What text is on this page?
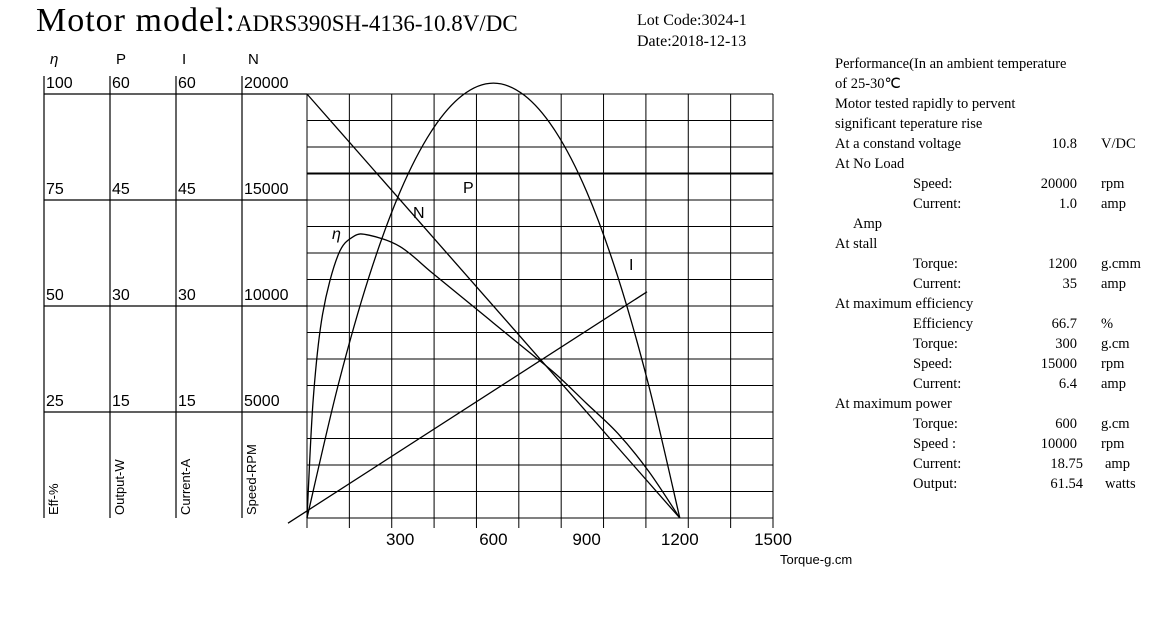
Motor model:ADRS390SH-4136-10.8V/DC	Lot Code:3024-1
Date:2018-12-13
η
100
75
50
25
Eff-%
P
60
45
30
15
Output-W
I
60
45
30
15
Current-A
N
20000
15000
10000
5000
Speed-RPM
300	600	900	1200	1500
Torque-g.cm
N
I
P
η
Performance(In an ambient temperature
of 25-30℃
Motor tested rapidly to pervent
significant teperature rise
At a constand voltage	10.8 V/DC
At No Load
Speed:	20000 rpm
Current:	1.0 amp
Amp
At stall
Torque:	1200 g.cmm
Current:	35 amp
At maximum efficiency
Efficiency	66.7 %
Torque:	300 g.cm
Speed:	15000 rpm
Current:	6.4 amp
At maximum power
Torque:	600 g.cm
Speed :	10000 rpm
Current:	18.75 amp
Output:	61.54 watts
